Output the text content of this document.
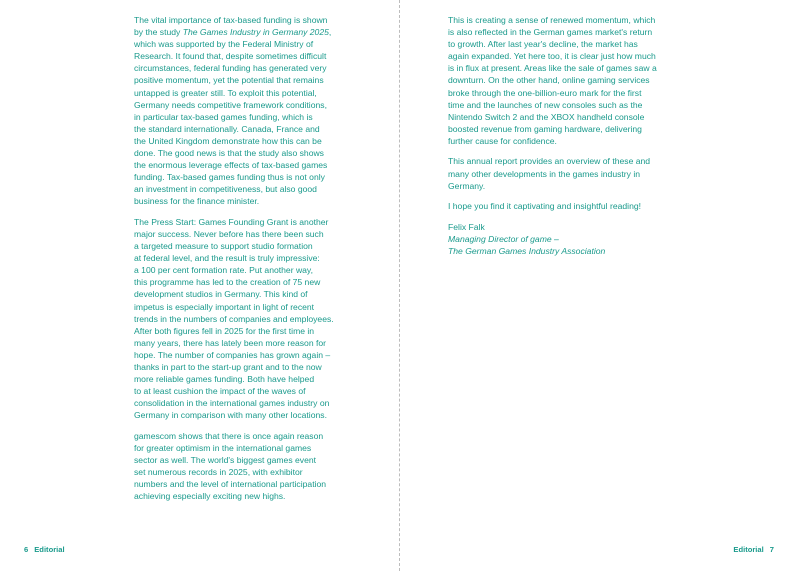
The vital importance of tax-based funding is shown
by the study The Games Industry in Germany 2025,
which was supported by the Federal Ministry of
Research. It found that, despite sometimes difficult
circumstances, federal funding has generated very
positive momentum, yet the potential that remains
untapped is greater still. To exploit this potential,
Germany needs competitive framework conditions,
in particular tax-based games funding, which is
the standard internationally. Canada, France and
the United Kingdom demonstrate how this can be
done. The good news is that the study also shows
the enormous leverage effects of tax-based games
funding. Tax-based games funding thus is not only
an investment in competitiveness, but also good
business for the finance minister.

The Press Start: Games Founding Grant is another
major success. Never before has there been such
a targeted measure to support studio formation
at federal level, and the result is truly impressive:
a 100 per cent formation rate. Put another way,
this programme has led to the creation of 75 new
development studios in Germany. This kind of
impetus is especially important in light of recent
trends in the numbers of companies and employees.
After both figures fell in 2025 for the first time in
many years, there has lately been more reason for
hope. The number of companies has grown again –
thanks in part to the start-up grant and to the now
more reliable games funding. Both have helped
to at least cushion the impact of the waves of
consolidation in the international games industry on
Germany in comparison with many other locations.

gamescom shows that there is once again reason
for greater optimism in the international games
sector as well. The world's biggest games event
set numerous records in 2025, with exhibitor
numbers and the level of international participation
achieving especially exciting new highs.

This is creating a sense of renewed momentum, which
is also reflected in the German games market's return
to growth. After last year's decline, the market has
again expanded. Yet here too, it is clear just how much
is in flux at present. Areas like the sale of games saw a
downturn. On the other hand, online gaming services
broke through the one-billion-euro mark for the first
time and the launches of new consoles such as the
Nintendo Switch 2 and the XBOX handheld console
boosted revenue from gaming hardware, delivering
further cause for confidence.

This annual report provides an overview of these and
many other developments in the games industry in
Germany.

I hope you find it captivating and insightful reading!

Felix Falk
Managing Director of game –
The German Games Industry Association
6 Editorial	Editorial 7
